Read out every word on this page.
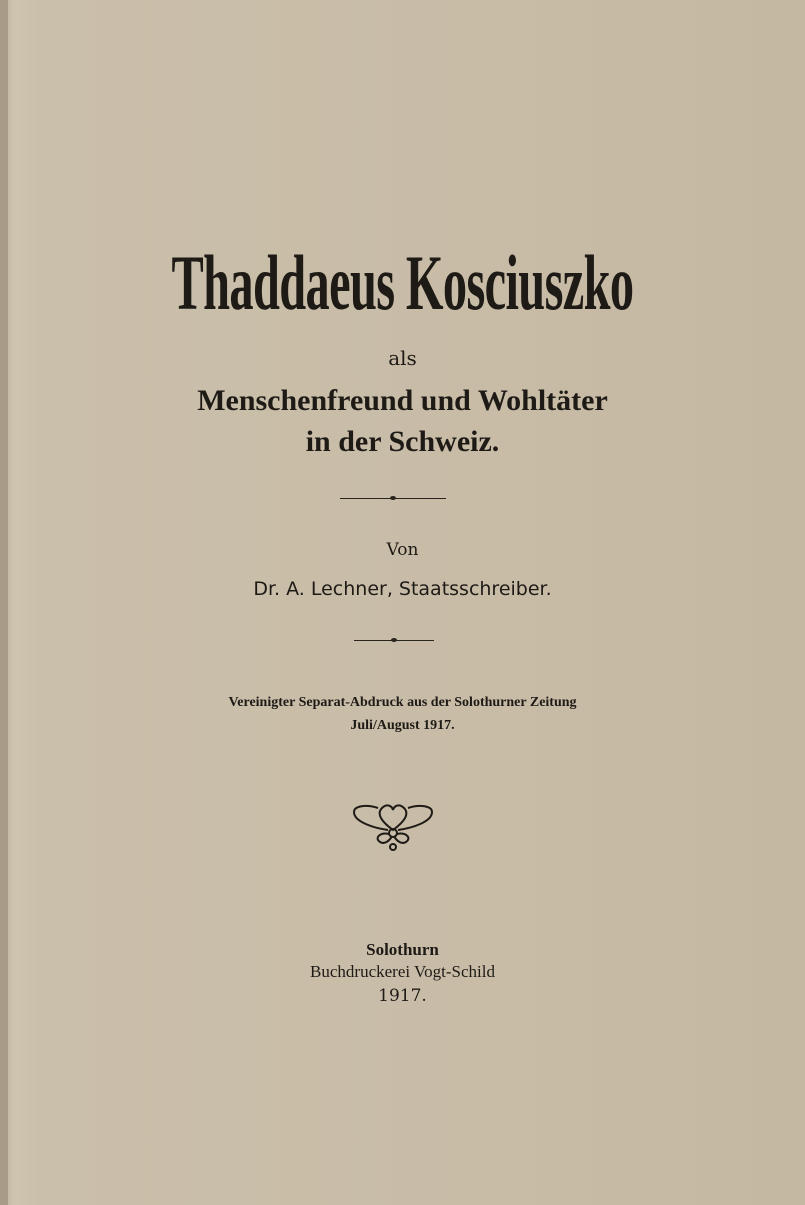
Thaddaeus Kosciuszko
als
Menschenfreund und Wohltäter
in der Schweiz.
Von
Dr. A. Lechner, Staatsschreiber.
Vereinigter Separat-Abdruck aus der Solothurner Zeitung
Juli/August 1917.
Solothurn
Buchdruckerei Vogt-Schild
1917.
